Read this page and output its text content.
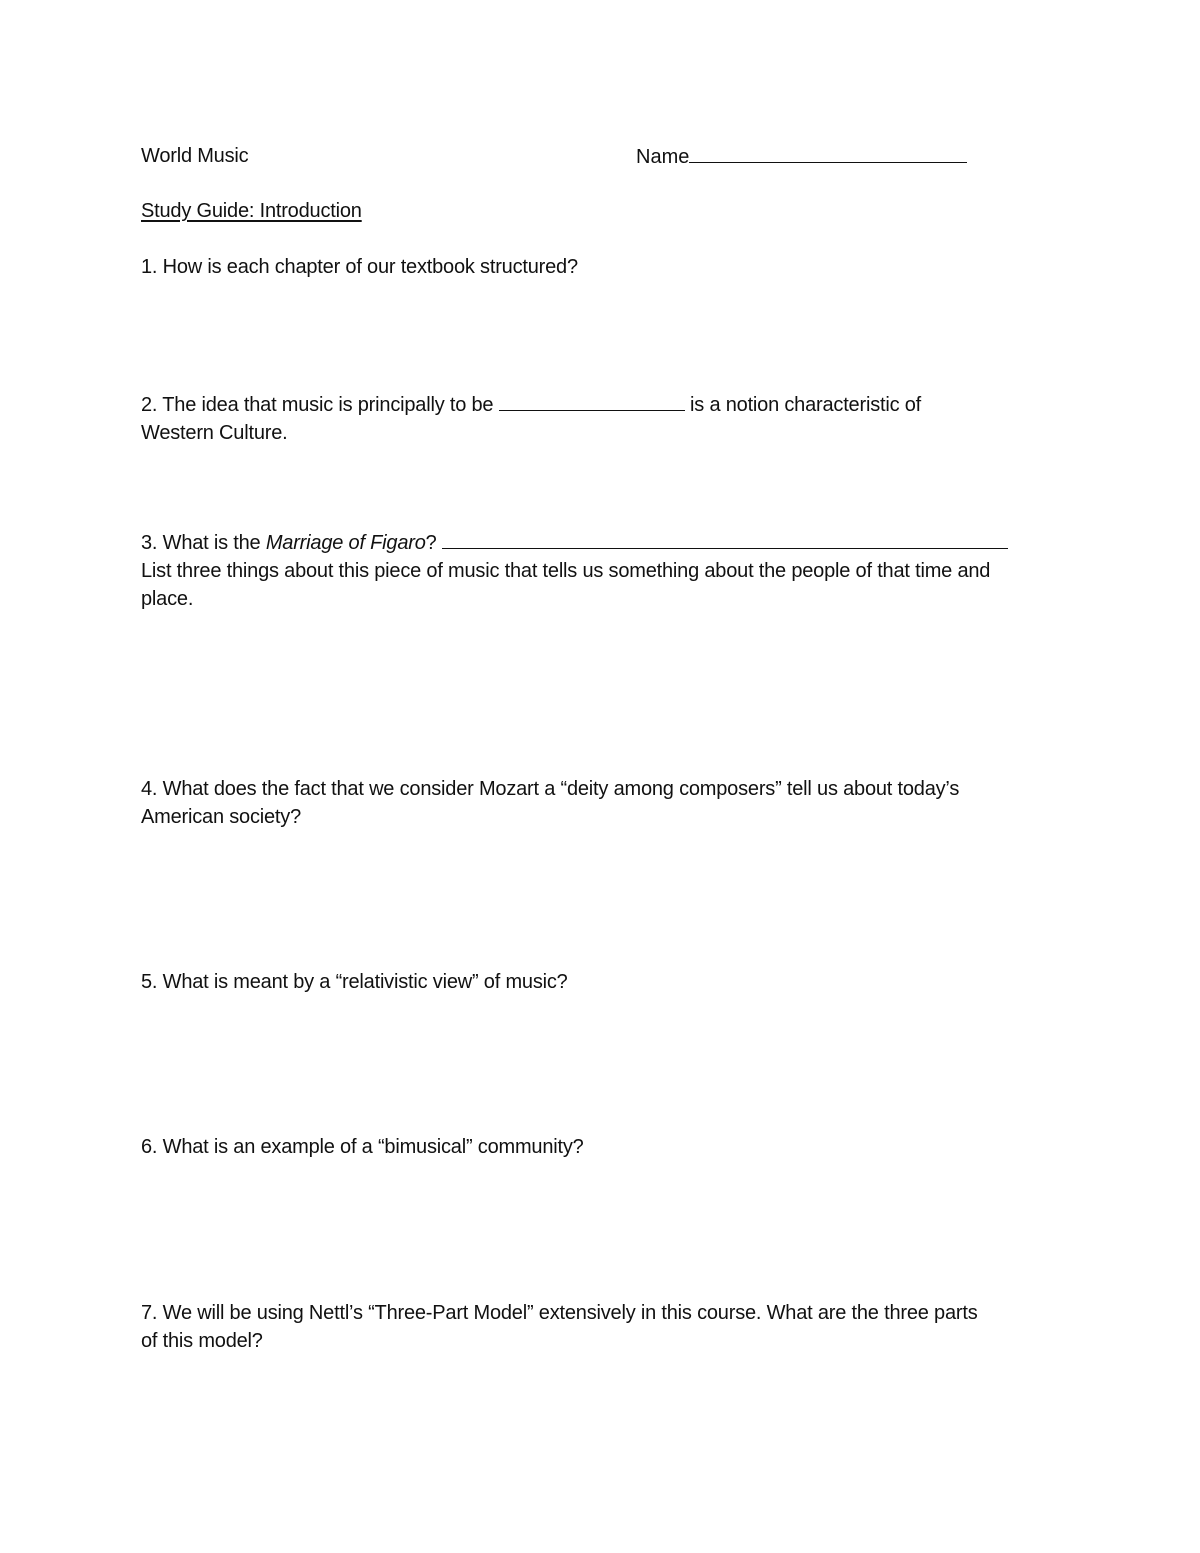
World Music	Name
Study Guide: Introduction
1. How is each chapter of our textbook structured?
2. The idea that music is principally to be	is a notion characteristic of
Western Culture.
3. What is the Marriage of Figaro?
List three things about this piece of music that tells us something about the people of that time and
place.
4. What does the fact that we consider Mozart a “deity among composers” tell us about today’s
American society?
5. What is meant by a “relativistic view” of music?
6. What is an example of a “bimusical” community?
7. We will be using Nettl’s “Three-Part Model” extensively in this course. What are the three parts
of this model?
